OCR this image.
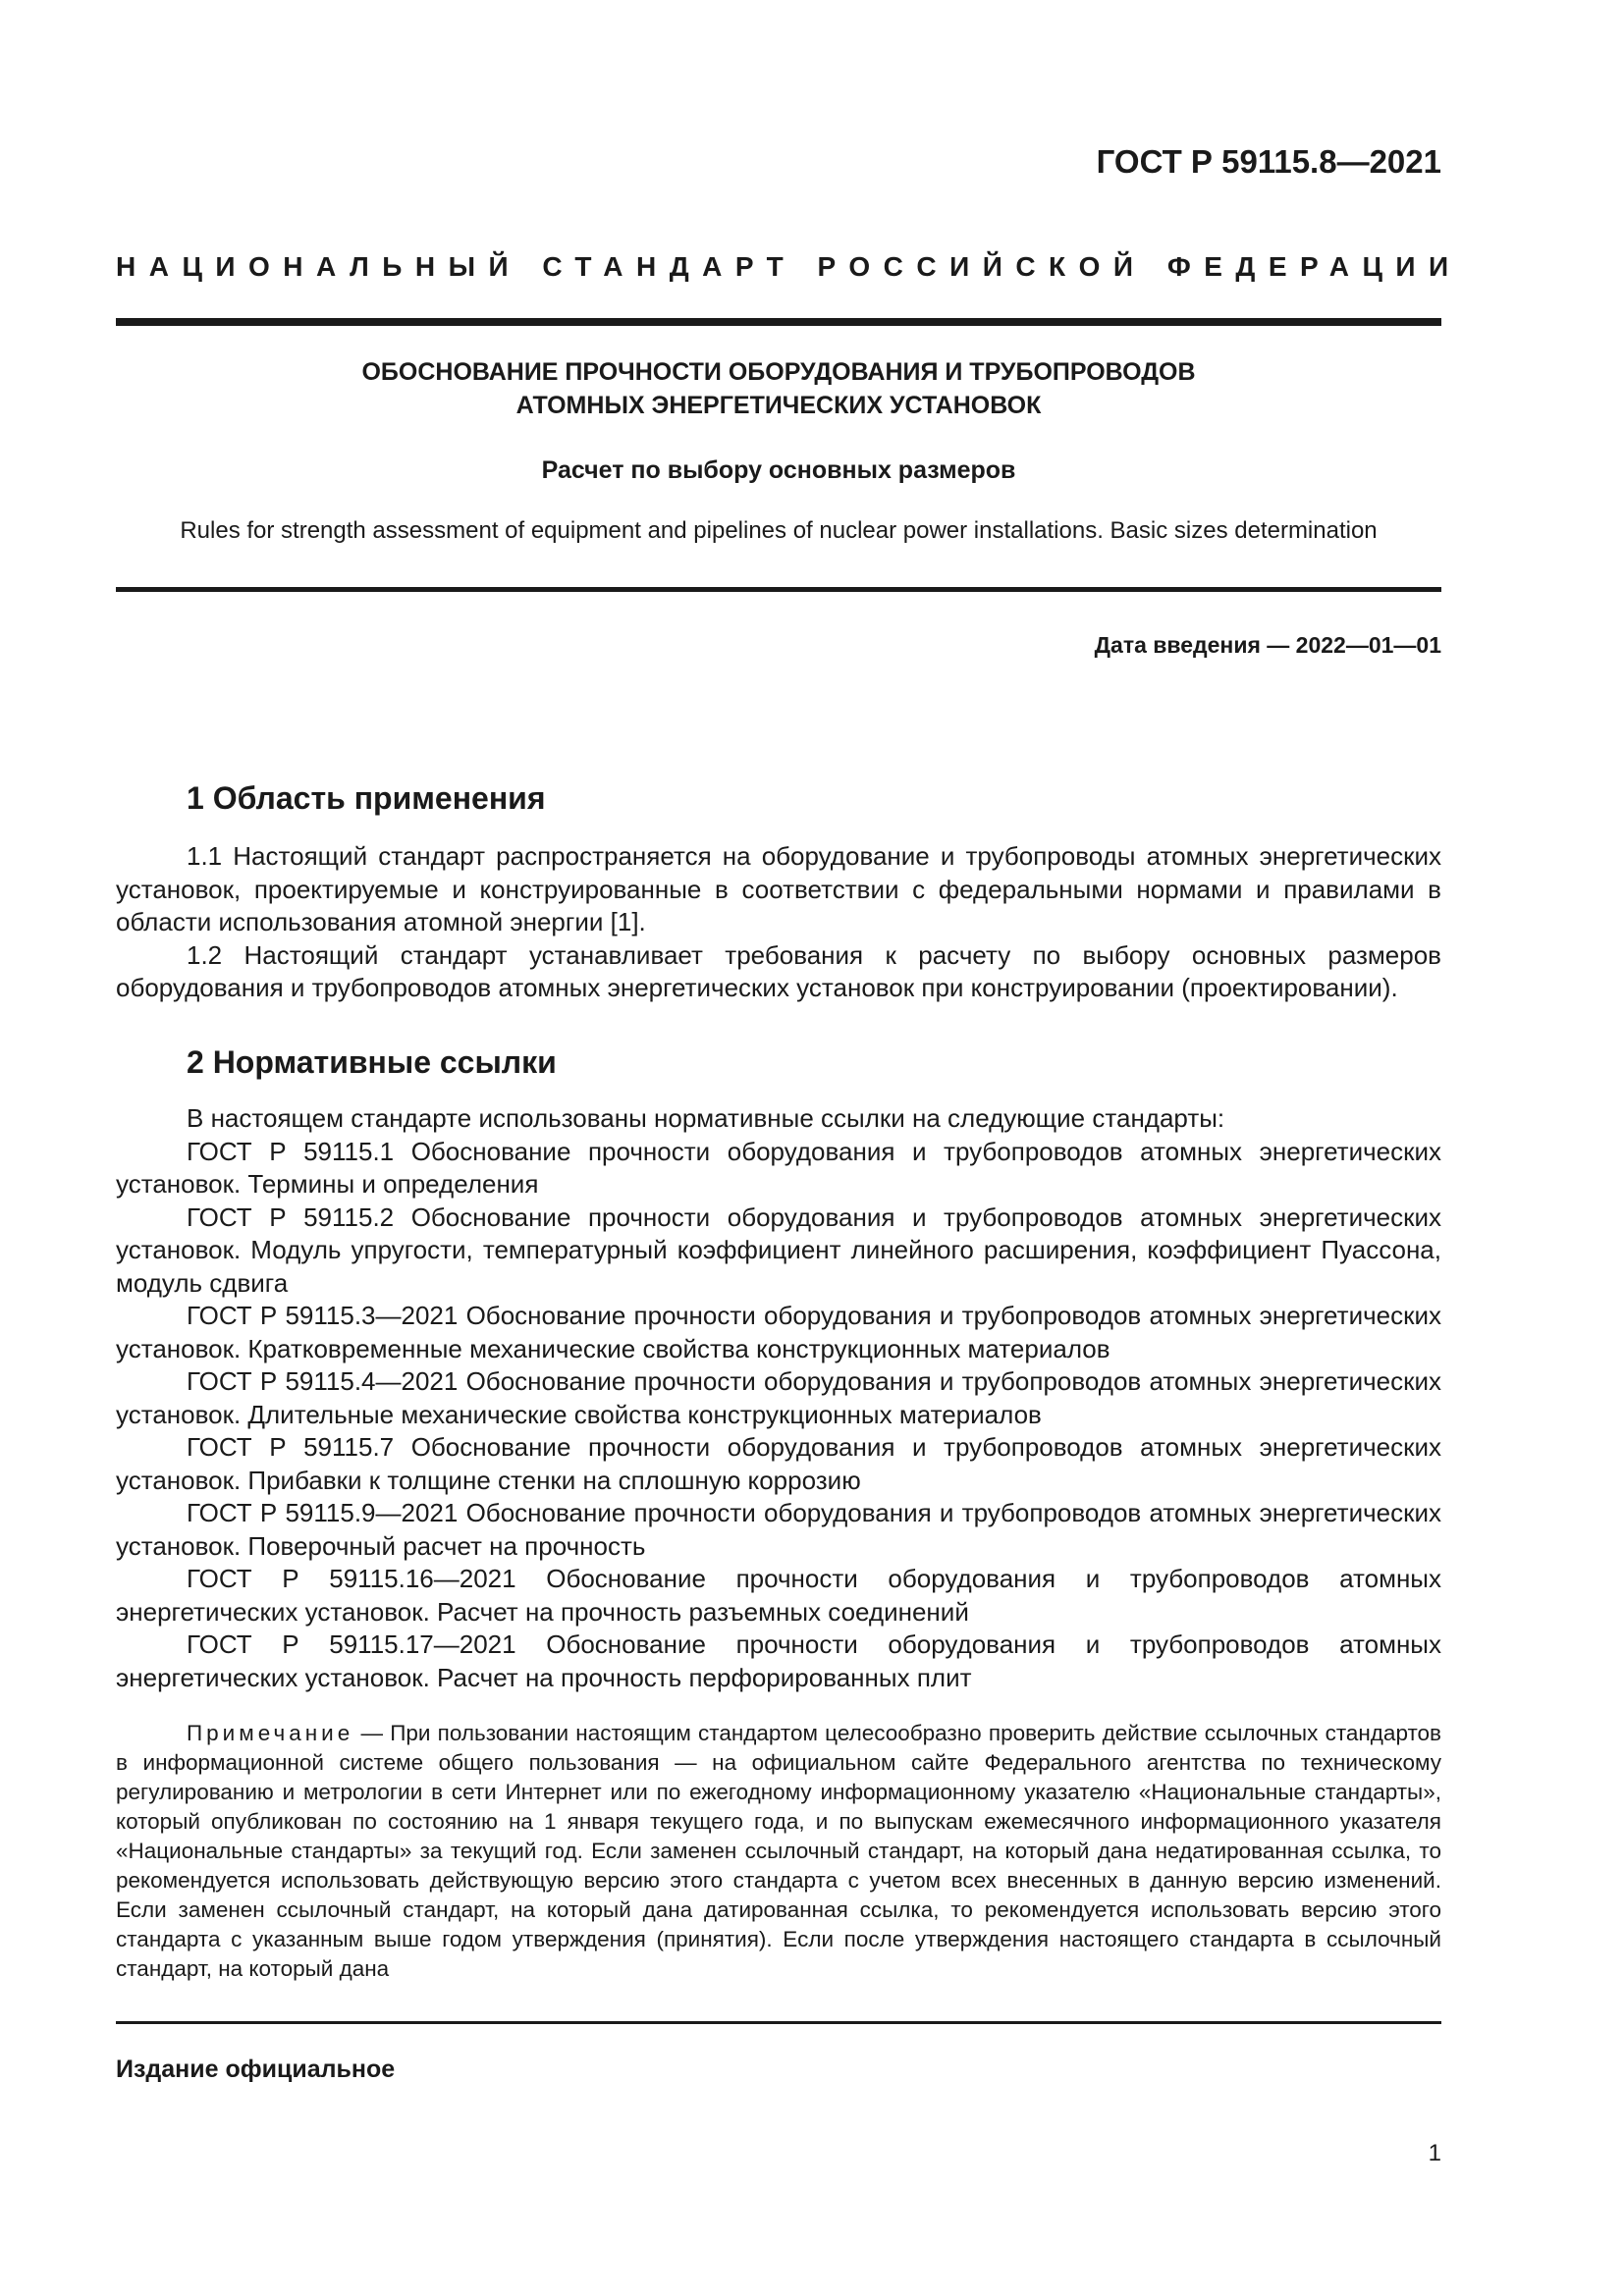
ГОСТ Р 59115.8—2021
НАЦИОНАЛЬНЫЙ СТАНДАРТ РОССИЙСКОЙ ФЕДЕРАЦИИ
ОБОСНОВАНИЕ ПРОЧНОСТИ ОБОРУДОВАНИЯ И ТРУБОПРОВОДОВ
АТОМНЫХ ЭНЕРГЕТИЧЕСКИХ УСТАНОВОК
Расчет по выбору основных размеров
Rules for strength assessment of equipment and pipelines of nuclear power installations. Basic sizes determination
Дата введения — 2022—01—01
1 Область применения

1.1 Настоящий стандарт распространяется на оборудование и трубопроводы атомных энергетических установок, проектируемые и конструированные в соответствии с федеральными нормами и правилами в области использования атомной энергии [1].

1.2 Настоящий стандарт устанавливает требования к расчету по выбору основных размеров оборудования и трубопроводов атомных энергетических установок при конструировании (проектировании).

2 Нормативные ссылки

В настоящем стандарте использованы нормативные ссылки на следующие стандарты:

ГОСТ Р 59115.1 Обоснование прочности оборудования и трубопроводов атомных энергетических установок. Термины и определения

ГОСТ Р 59115.2 Обоснование прочности оборудования и трубопроводов атомных энергетических установок. Модуль упругости, температурный коэффициент линейного расширения, коэффициент Пуассона, модуль сдвига

ГОСТ Р 59115.3—2021 Обоснование прочности оборудования и трубопроводов атомных энергетических установок. Кратковременные механические свойства конструкционных материалов

ГОСТ Р 59115.4—2021 Обоснование прочности оборудования и трубопроводов атомных энергетических установок. Длительные механические свойства конструкционных материалов

ГОСТ Р 59115.7 Обоснование прочности оборудования и трубопроводов атомных энергетических установок. Прибавки к толщине стенки на сплошную коррозию

ГОСТ Р 59115.9—2021 Обоснование прочности оборудования и трубопроводов атомных энергетических установок. Поверочный расчет на прочность

ГОСТ Р 59115.16—2021 Обоснование прочности оборудования и трубопроводов атомных энергетических установок. Расчет на прочность разъемных соединений

ГОСТ Р 59115.17—2021 Обоснование прочности оборудования и трубопроводов атомных энергетических установок. Расчет на прочность перфорированных плит

Примечание — При пользовании настоящим стандартом целесообразно проверить действие ссылочных стандартов в информационной системе общего пользования — на официальном сайте Федерального агентства по техническому регулированию и метрологии в сети Интернет или по ежегодному информационному указателю «Национальные стандарты», который опубликован по состоянию на 1 января текущего года, и по выпускам ежемесячного информационного указателя «Национальные стандарты» за текущий год. Если заменен ссылочный стандарт, на который дана недатированная ссылка, то рекомендуется использовать действующую версию этого стандарта с учетом всех внесенных в данную версию изменений. Если заменен ссылочный стандарт, на который дана датированная ссылка, то рекомендуется использовать версию этого стандарта с указанным выше годом утверждения (принятия). Если после утверждения настоящего стандарта в ссылочный стандарт, на который дана

Издание официальное
1
